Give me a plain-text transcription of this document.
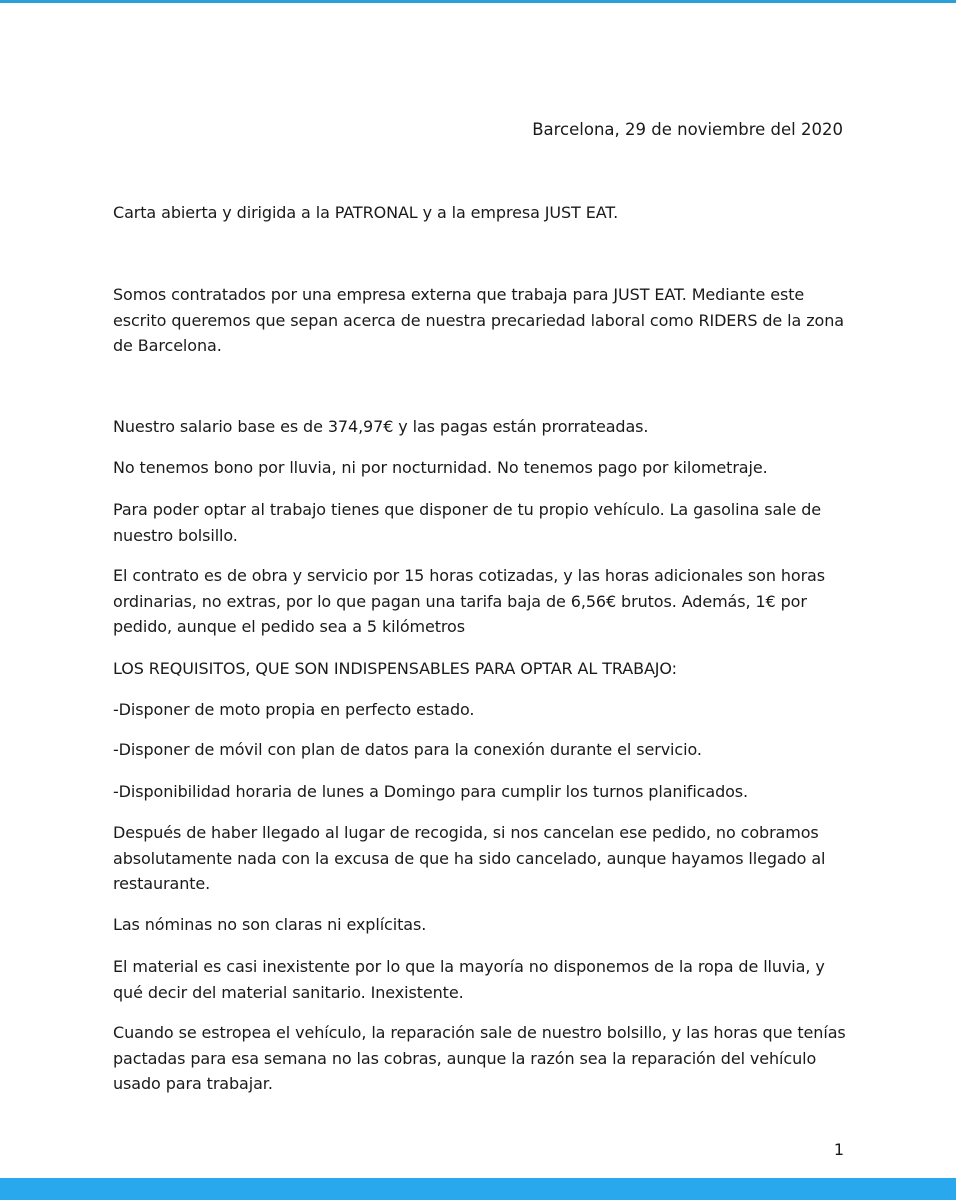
Barcelona, 29 de noviembre del 2020

Carta abierta y dirigida a la PATRONAL y a la empresa JUST EAT.

Somos contratados por una empresa externa que trabaja para JUST EAT. Mediante este escrito queremos que sepan acerca de nuestra precariedad laboral como RIDERS de la zona de Barcelona.

Nuestro salario base es de 374,97€ y las pagas están prorrateadas.

No tenemos bono por lluvia, ni por nocturnidad. No tenemos pago por kilometraje.

Para poder optar al trabajo tienes que disponer de tu propio vehículo. La gasolina sale de nuestro bolsillo.

El contrato es de obra y servicio por 15 horas cotizadas, y las horas adicionales son horas ordinarias, no extras, por lo que pagan una tarifa baja de 6,56€ brutos. Además, 1€ por pedido, aunque el pedido sea a 5 kilómetros

LOS REQUISITOS, QUE SON INDISPENSABLES PARA OPTAR AL TRABAJO:

-Disponer de moto propia en perfecto estado.

-Disponer de móvil con plan de datos para la conexión durante el servicio.

-Disponibilidad horaria de lunes a Domingo para cumplir los turnos planificados.

Después de haber llegado al lugar de recogida, si nos cancelan ese pedido, no cobramos absolutamente nada con la excusa de que ha sido cancelado, aunque hayamos llegado al restaurante.

Las nóminas no son claras ni explícitas.

El material es casi inexistente por lo que la mayoría no disponemos de la ropa de lluvia, y qué decir del material sanitario. Inexistente.

Cuando se estropea el vehículo, la reparación sale de nuestro bolsillo, y las horas que tenías pactadas para esa semana no las cobras, aunque la razón sea la reparación del vehículo usado para trabajar.

1
